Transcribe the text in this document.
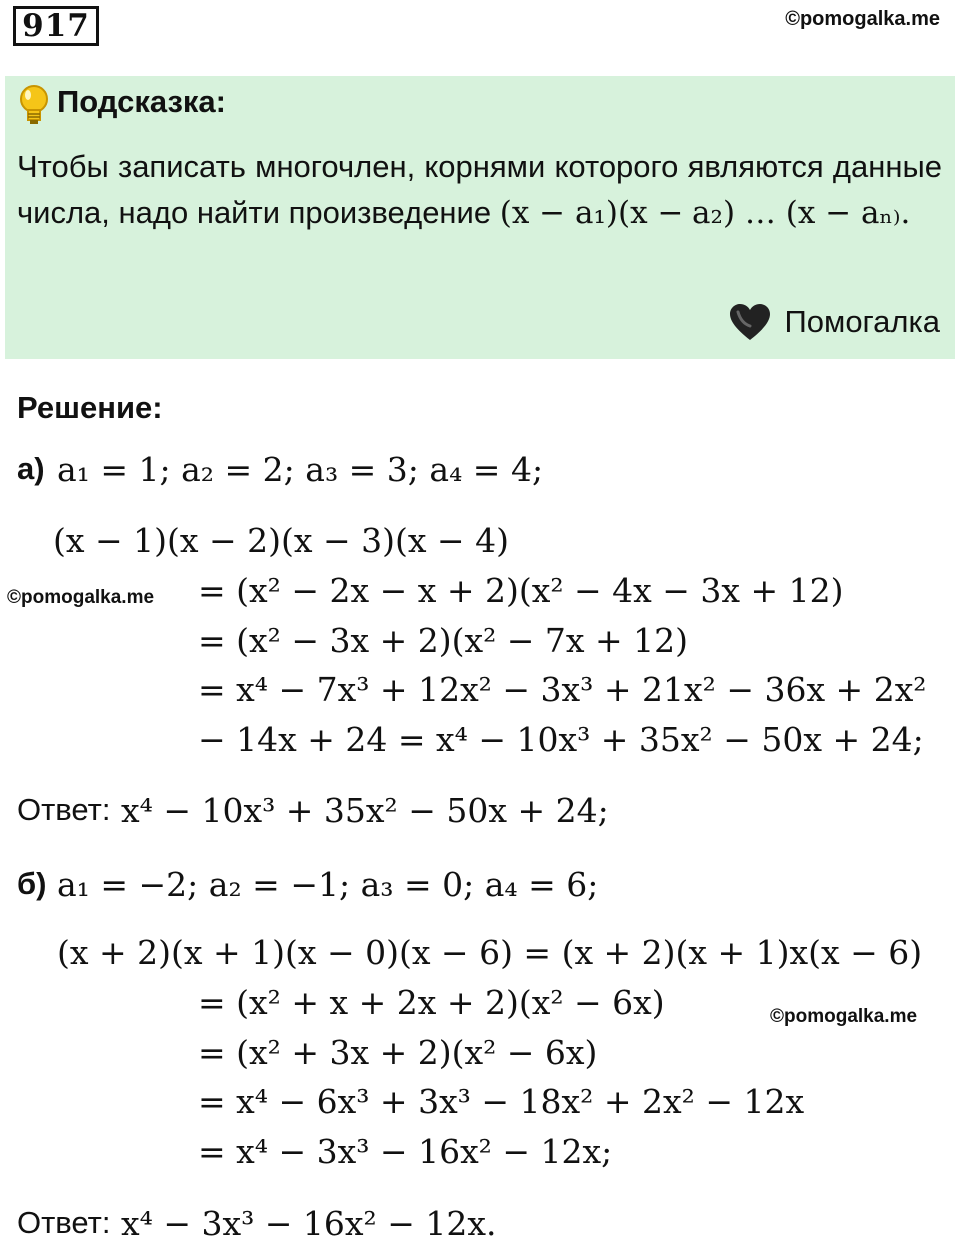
917	©pomogalka.me
Подсказка:
Чтобы записать многочлен, корнями которого являются данные числа, надо найти произведение (x − a₁)(x − a₂) … (x − aₙ₎.
Помогалка
Решение:
а) a₁ = 1; a₂ = 2; a₃ = 3; a₄ = 4;
(x − 1)(x − 2)(x − 3)(x − 4)
= (x² − 2x − x + 2)(x² − 4x − 3x + 12)
= (x² − 3x + 2)(x² − 7x + 12)
= x⁴ − 7x³ + 12x² − 3x³ + 21x² − 36x + 2x²
− 14x + 24 = x⁴ − 10x³ + 35x² − 50x + 24;
©pomogalka.me
Ответ: x⁴ − 10x³ + 35x² − 50x + 24;
б) a₁ = −2; a₂ = −1; a₃ = 0; a₄ = 6;
(x + 2)(x + 1)(x − 0)(x − 6) = (x + 2)(x + 1)x(x − 6)
= (x² + x + 2x + 2)(x² − 6x)
= (x² + 3x + 2)(x² − 6x)
= x⁴ − 6x³ + 3x³ − 18x² + 2x² − 12x
= x⁴ − 3x³ − 16x² − 12x;
©pomogalka.me
Ответ: x⁴ − 3x³ − 16x² − 12x.
